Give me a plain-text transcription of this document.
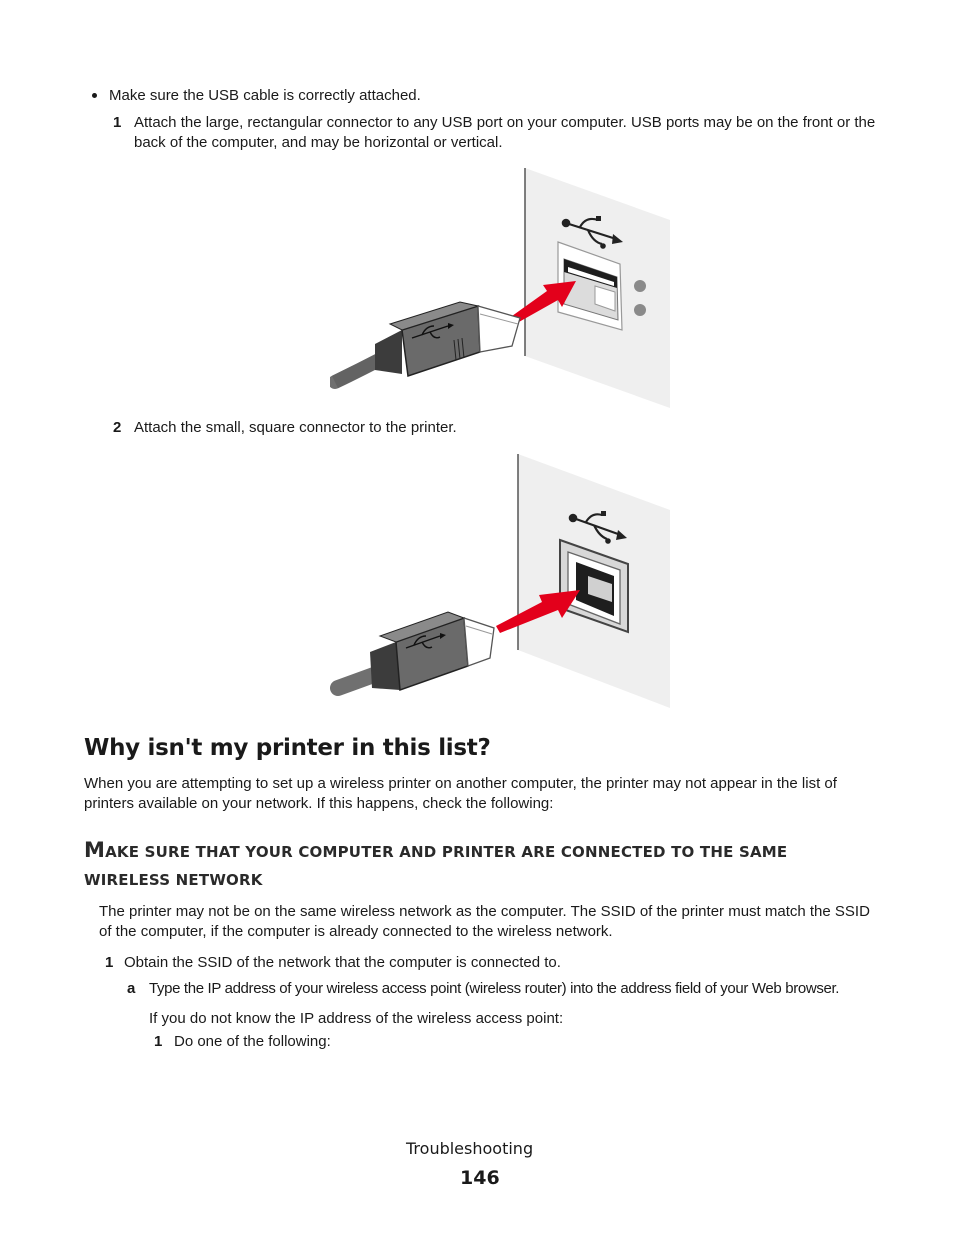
Make sure the USB cable is correctly attached.
1 Attach the large, rectangular connector to any USB port on your computer. USB ports may be on the front or the back of the computer, and may be horizontal or vertical.
2 Attach the small, square connector to the printer.
Why isn't my printer in this list?
When you are attempting to set up a wireless printer on another computer, the printer may not appear in the list of printers available on your network. If this happens, check the following:
MAKE SURE THAT YOUR COMPUTER AND PRINTER ARE CONNECTED TO THE SAME WIRELESS NETWORK
The printer may not be on the same wireless network as the computer. The SSID of the printer must match the SSID of the computer, if the computer is already connected to the wireless network.
1 Obtain the SSID of the network that the computer is connected to.
a Type the IP address of your wireless access point (wireless router) into the address field of your Web browser.
If you do not know the IP address of the wireless access point:
1 Do one of the following:
Troubleshooting
146
